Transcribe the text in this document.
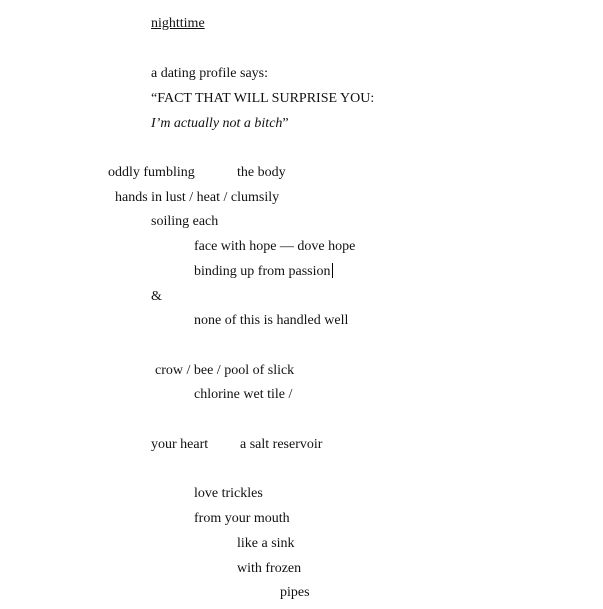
nighttime
a dating profile says:
“FACT THAT WILL SURPRISE YOU:
I’m actually not a bitch”
oddly fumbling	the body
hands in lust / heat / clumsily
soiling each
face with hope — dove hope
binding up from passion
&
none of this is handled well
crow / bee / pool of slick
chlorine wet tile /
your heart a salt reservoir
love trickles
from your mouth
like a sink
with frozen
pipes
